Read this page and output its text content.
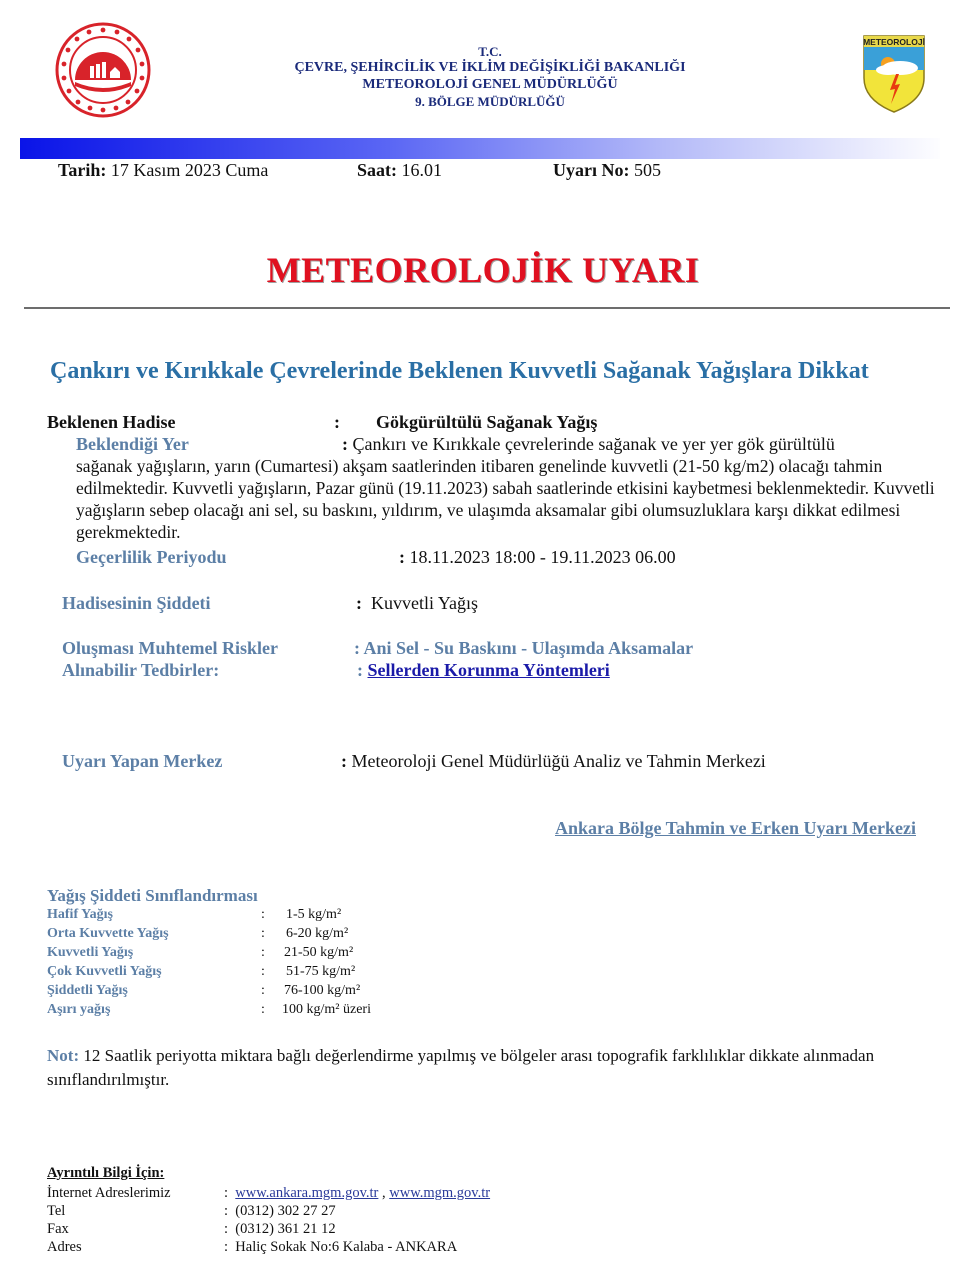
T.C.
ÇEVRE, ŞEHİRCİLİK VE İKLİM DEĞİŞİKLİĞİ BAKANLIĞI
METEOROLOJİ GENEL MÜDÜRLÜĞÜ
9. BÖLGE MÜDÜRLÜĞÜ
METEOROLOJİ
Tarih: 17 Kasım 2023 Cuma	Saat: 16.01	Uyarı No: 505
METEOROLOJİK UYARI
Çankırı ve Kırıkkale Çevrelerinde Beklenen Kuvvetli Sağanak Yağışlara Dikkat
Beklenen Hadise	: Gökgürültülü Sağanak Yağış
Beklendiği Yer	: Çankırı ve Kırıkkale çevrelerinde sağanak ve yer yer gök gürültülü
sağanak yağışların, yarın (Cumartesi) akşam saatlerinden itibaren genelinde kuvvetli (21-50 kg/m2) olacağı tahmin edilmektedir. Kuvvetli yağışların, Pazar günü (19.11.2023) sabah saatlerinde etkisini kaybetmesi beklenmektedir. Kuvvetli yağışların sebep olacağı ani sel, su baskını, yıldırım, ve ulaşımda aksamalar gibi olumsuzluklara karşı dikkat edilmesi gerekmektedir.
Geçerlilik Periyodu	: 18.11.2023 18:00 - 19.11.2023 06.00
Hadisesinin Şiddeti	: Kuvvetli Yağış
Oluşması Muhtemel Riskler	: Ani Sel - Su Baskını - Ulaşımda Aksamalar
Alınabilir Tedbirler:	: Sellerden Korunma Yöntemleri
Uyarı Yapan Merkez	: Meteoroloji Genel Müdürlüğü Analiz ve Tahmin Merkezi
Ankara Bölge Tahmin ve Erken Uyarı Merkezi
Yağış Şiddeti Sınıflandırması
Hafif Yağış	: 1-5 kg/m²
Orta Kuvvette Yağış	: 6-20 kg/m²
Kuvvetli Yağış	: 21-50 kg/m²
Çok Kuvvetli Yağış	: 51-75 kg/m²
Şiddetli Yağış	: 76-100 kg/m²
Aşırı yağış	: 100 kg/m² üzeri
Not: 12 Saatlik periyotta miktara bağlı değerlendirme yapılmış ve bölgeler arası topografik farklılıklar dikkate alınmadan sınıflandırılmıştır.
Ayrıntılı Bilgi İçin:
İnternet Adreslerimiz	: www.ankara.mgm.gov.tr , www.mgm.gov.tr
Tel	: (0312) 302 27 27
Fax	: (0312) 361 21 12
Adres	: Haliç Sokak No:6 Kalaba - ANKARA
